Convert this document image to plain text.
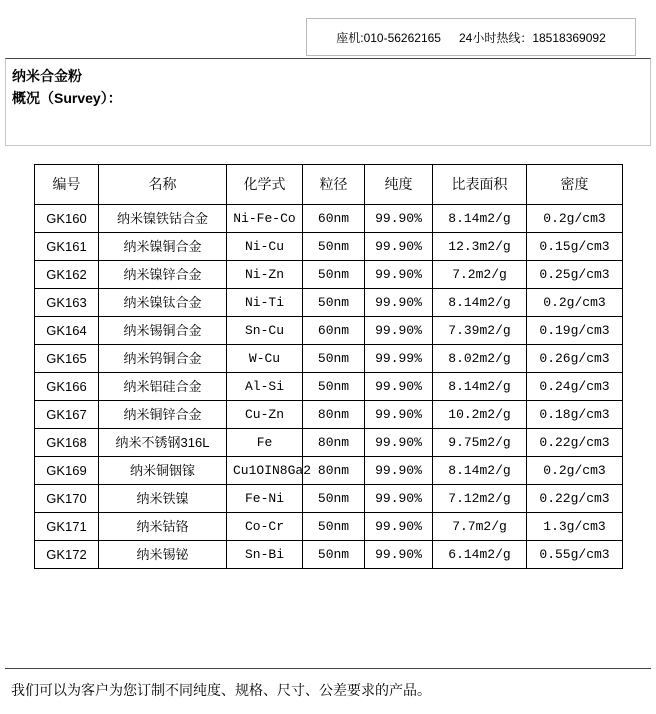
座机:010-56262165 24小时热线：18518369092
纳米合金粉
概况（Survey）：
编号	名称	化学式	粒径	纯度	比表面积	密度
GK160	纳米镍铁钴合金	Ni-Fe-Co	60nm	99.90%	8.14m2/g	0.2g/cm3
GK161	纳米镍铜合金	Ni-Cu	50nm	99.90%	12.3m2/g	0.15g/cm3
GK162	纳米镍锌合金	Ni-Zn	50nm	99.90%	7.2m2/g	0.25g/cm3
GK163	纳米镍钛合金	Ni-Ti	50nm	99.90%	8.14m2/g	0.2g/cm3
GK164	纳米锡铜合金	Sn-Cu	60nm	99.90%	7.39m2/g	0.19g/cm3
GK165	纳米钨铜合金	W-Cu	50nm	99.99%	8.02m2/g	0.26g/cm3
GK166	纳米铝硅合金	Al-Si	50nm	99.90%	8.14m2/g	0.24g/cm3
GK167	纳米铜锌合金	Cu-Zn	80nm	99.90%	10.2m2/g	0.18g/cm3
GK168	纳米不锈钢316L	Fe	80nm	99.90%	9.75m2/g	0.22g/cm3
GK169	纳米铜铟镓	Cu1OIN8Ga2	80nm	99.90%	8.14m2/g	0.2g/cm3
GK170	纳米铁镍	Fe-Ni	50nm	99.90%	7.12m2/g	0.22g/cm3
GK171	纳米钴铬	Co-Cr	50nm	99.90%	7.7m2/g	1.3g/cm3
GK172	纳米锡铋	Sn-Bi	50nm	99.90%	6.14m2/g	0.55g/cm3
我们可以为客户为您订制不同纯度、规格、尺寸、公差要求的产品。
